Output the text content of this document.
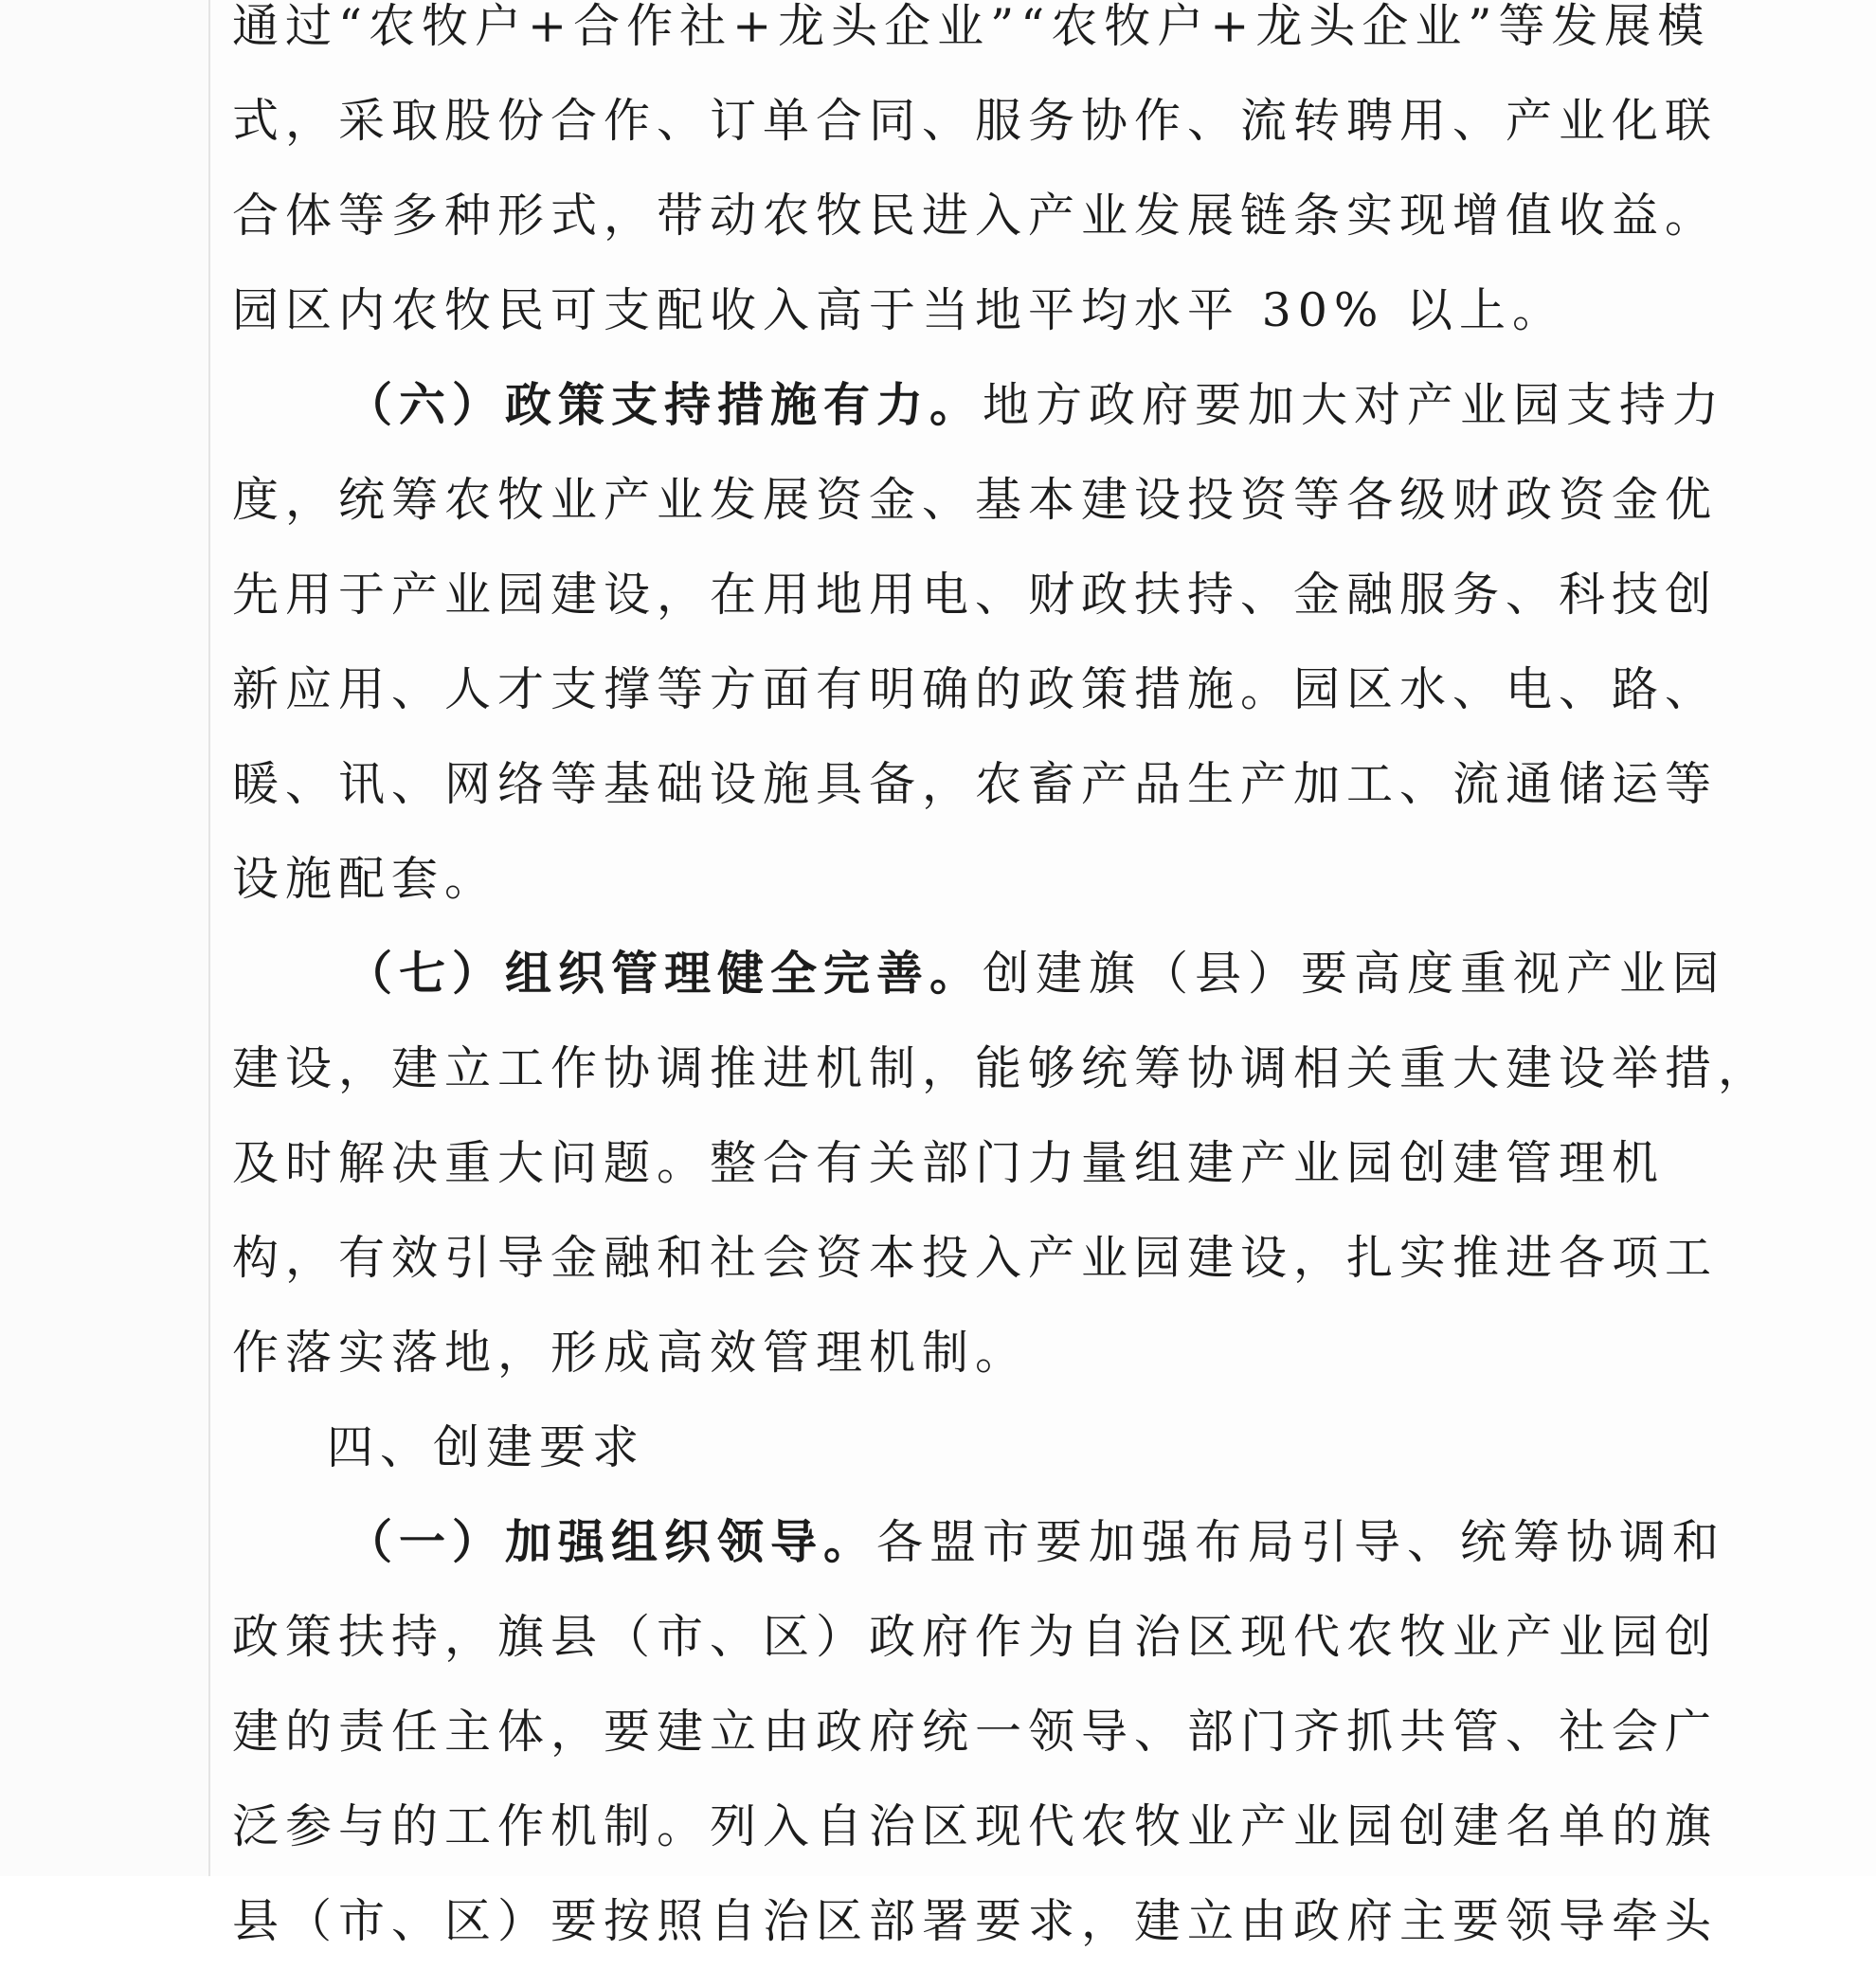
通过“农牧户+合作社+龙头企业”“农牧户+龙头企业”等发展模
式，采取股份合作、订单合同、服务协作、流转聘用、产业化联
合体等多种形式，带动农牧民进入产业发展链条实现增值收益。
园区内农牧民可支配收入高于当地平均水平 30% 以上。
（六）政策支持措施有力。地方政府要加大对产业园支持力
度，统筹农牧业产业发展资金、基本建设投资等各级财政资金优
先用于产业园建设，在用地用电、财政扶持、金融服务、科技创
新应用、人才支撑等方面有明确的政策措施。园区水、电、路、
暖、讯、网络等基础设施具备，农畜产品生产加工、流通储运等
设施配套。
（七）组织管理健全完善。创建旗（县）要高度重视产业园
建设，建立工作协调推进机制，能够统筹协调相关重大建设举措，
及时解决重大问题。整合有关部门力量组建产业园创建管理机
构，有效引导金融和社会资本投入产业园建设，扎实推进各项工
作落实落地，形成高效管理机制。
四、创建要求
（一）加强组织领导。各盟市要加强布局引导、统筹协调和
政策扶持，旗县（市、区）政府作为自治区现代农牧业产业园创
建的责任主体，要建立由政府统一领导、部门齐抓共管、社会广
泛参与的工作机制。列入自治区现代农牧业产业园创建名单的旗
县（市、区）要按照自治区部署要求，建立由政府主要领导牵头
